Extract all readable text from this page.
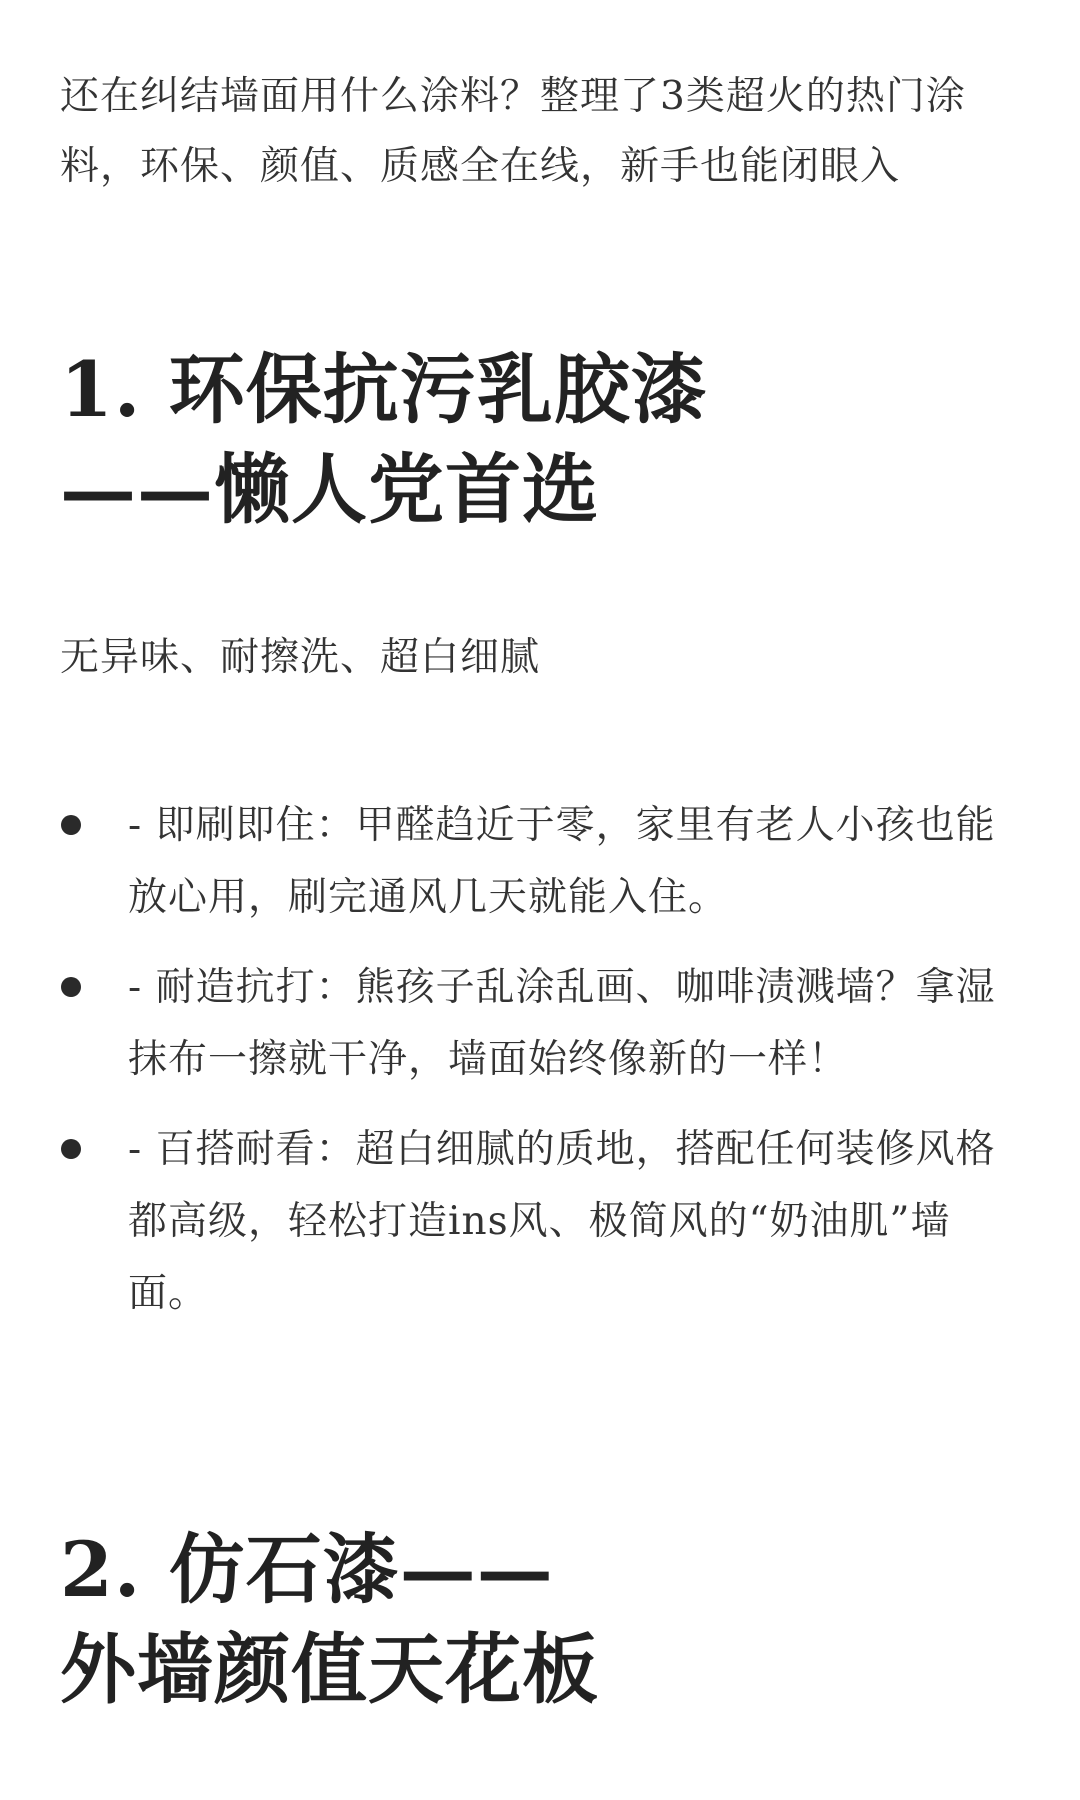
还在纠结墙面用什么涂料？整理了3类超火的热门涂
料，环保、颜值、质感全在线，新手也能闭眼入

1. 环保抗污乳胶漆
——懒人党首选

无异味、耐擦洗、超白细腻

- 即刷即住：甲醛趋近于零，家里有老人小孩也能放心用，刷完通风几天就能入住。
- 耐造抗打：熊孩子乱涂乱画、咖啡渍溅墙？拿湿抹布一擦就干净，墙面始终像新的一样！
- 百搭耐看：超白细腻的质地，搭配任何装修风格都高级，轻松打造ins风、极简风的“奶油肌”墙面。
2. 仿石漆——
外墙颜值天花板
